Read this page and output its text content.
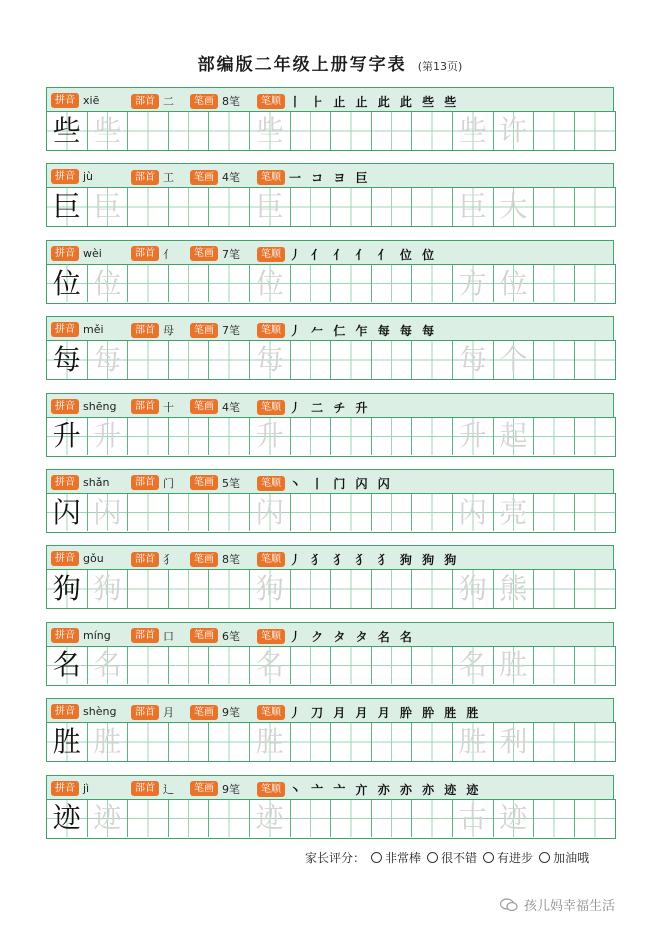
部编版二年级上册写字表 (第13页)
拼音 xiē	部首 二	笔画 8笔	笔顺 丨 ⺊ 止 止 此 此 些 些
些 些	些	些 许
拼音 jù	部首 工	笔画 4笔	笔顺 一 コ ヨ 巨
巨 巨	巨	巨 大
拼音 wèi	部首 亻	笔画 7笔	笔顺 丿 亻 亻 亻 亻 位 位
位 位	位	方 位
拼音 měi	部首 母	笔画 7笔	笔顺 丿 𠂉 仁 乍 每 每 每
每 每	每	每 个
拼音 shēng	部首 十	笔画 4笔	笔顺 丿 二 チ 升
升 升	升	升 起
拼音 shǎn	部首 门	笔画 5笔	笔顺 丶 丨 门 闪 闪
闪 闪	闪	闪 亮
拼音 gǒu	部首 犭	笔画 8笔	笔顺 丿 犭 犭 犭 犭 狗 狗 狗
狗 狗	狗	狗 熊
拼音 míng	部首 口	笔画 6笔	笔顺 丿 ク タ タ 名 名
名 名	名	名 胜
拼音 shèng	部首 月	笔画 9笔	笔顺 丿 刀 月 月 月 肸 肸 胜 胜
胜 胜	胜	胜 利
拼音 jì	部首 辶	笔画 9笔	笔顺 丶 亠 亠 亣 亦 亦 亦 迹 迹
迹 迹	迹	古 迹
家长评分： 非常棒 很不错 有进步 加油哦
孩儿妈幸福生活
